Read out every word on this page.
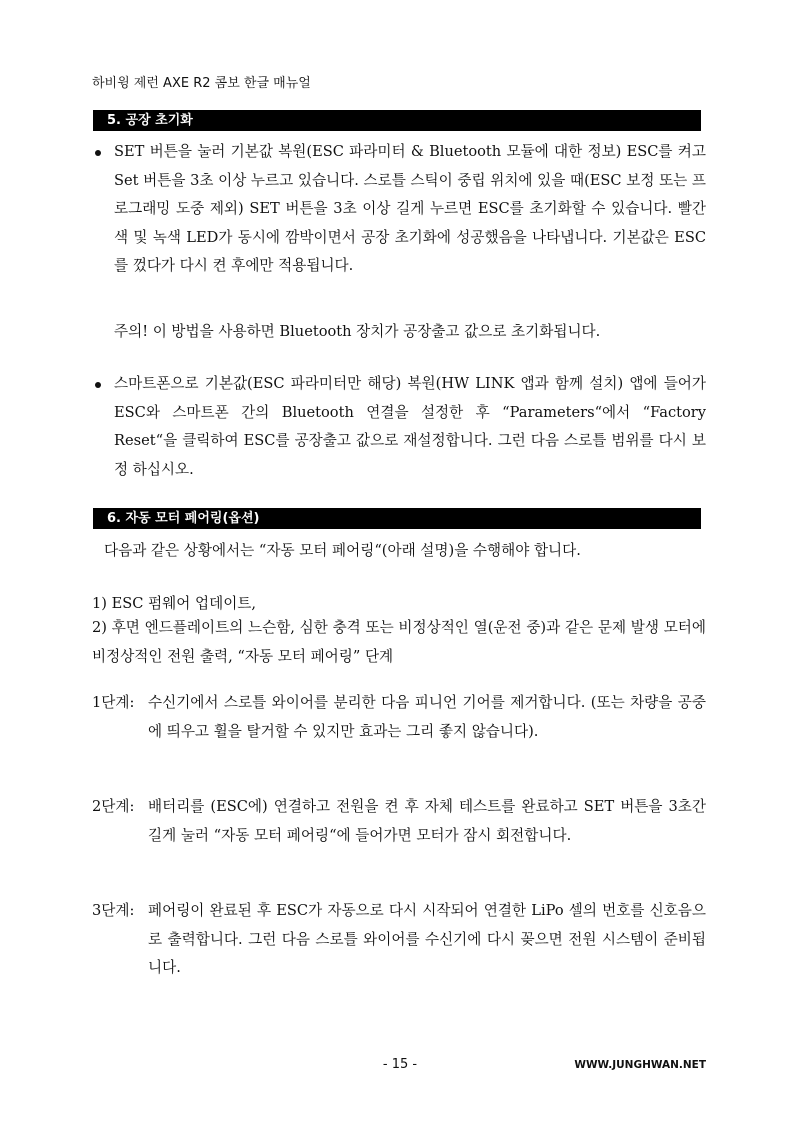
하비윙 제런 AXE R2 콤보 한글 매뉴얼
5. 공장 초기화
SET 버튼을 눌러 기본값 복원(ESC 파라미터 & Bluetooth 모듈에 대한 정보) ESC를 켜고 Set 버튼을 3초 이상 누르고 있습니다. 스로틀 스틱이 중립 위치에 있을 때(ESC 보정 또는 프로그래밍 도중 제외) SET 버튼을 3초 이상 길게 누르면 ESC를 초기화할 수 있습니다. 빨간색 및 녹색 LED가 동시에 깜박이면서 공장 초기화에 성공했음을 나타냅니다. 기본값은 ESC를 껐다가 다시 켠 후에만 적용됩니다.
주의! 이 방법을 사용하면 Bluetooth 장치가 공장출고 값으로 초기화됩니다.
스마트폰으로 기본값(ESC 파라미터만 해당) 복원(HW LINK 앱과 함께 설치) 앱에 들어가 ESC와 스마트폰 간의 Bluetooth 연결을 설정한 후 “Parameters“에서 “Factory Reset“을 클릭하여 ESC를 공장출고 값으로 재설정합니다. 그런 다음 스로틀 범위를 다시 보정 하십시오.
6. 자동 모터 페어링(옵션)
다음과 같은 상황에서는 “자동 모터 페어링“(아래 설명)을 수행해야 합니다.
1) ESC 펌웨어 업데이트,
2) 후면 엔드플레이트의 느슨함, 심한 충격 또는 비정상적인 열(운전 중)과 같은 문제 발생 모터에 비정상적인 전원 출력, “자동 모터 페어링” 단계
1단계: 수신기에서 스로틀 와이어를 분리한 다음 피니언 기어를 제거합니다. (또는 차량을 공중에 띄우고 휠을 탈거할 수 있지만 효과는 그리 좋지 않습니다).
2단계: 배터리를 (ESC에) 연결하고 전원을 켠 후 자체 테스트를 완료하고 SET 버튼을 3초간 길게 눌러 “자동 모터 페어링“에 들어가면 모터가 잠시 회전합니다.
3단계: 페어링이 완료된 후 ESC가 자동으로 다시 시작되어 연결한 LiPo 셀의 번호를 신호음으로 출력합니다. 그런 다음 스로틀 와이어를 수신기에 다시 꽂으면 전원 시스템이 준비됩니다.
- 15 -	WWW.JUNGHWAN.NET
